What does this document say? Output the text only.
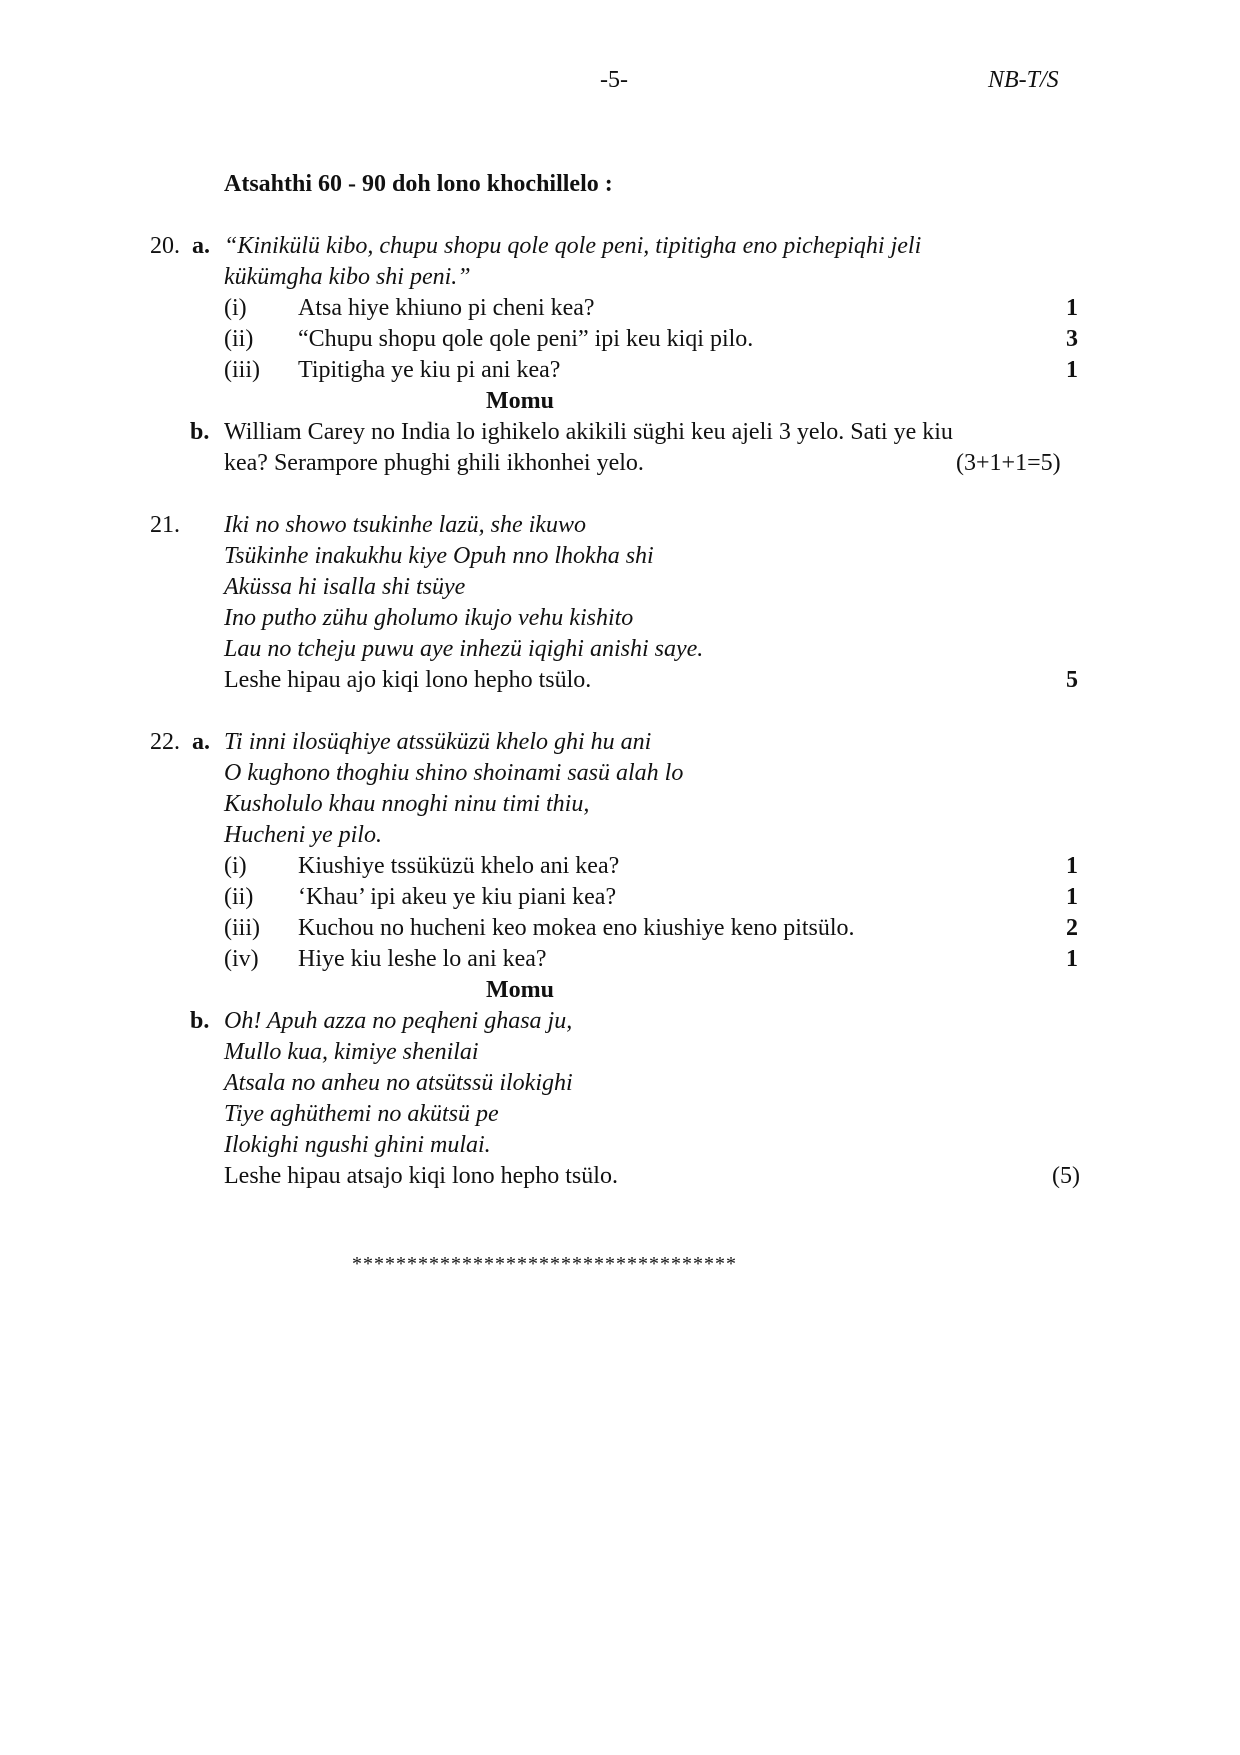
-5-	NB-T/S
Atsahthi 60 - 90 doh lono khochillelo :
20. a. “Kinikülü kibo, chupu shopu qole qole peni, tipitigha eno pichepiqhi jeli
kükümgha kibo shi peni.”
(i) Atsa hiye khiuno pi cheni kea?	1
(ii) “Chupu shopu qole qole peni” ipi keu kiqi pilo.	3
(iii) Tipitigha ye kiu pi ani kea?	1
Momu
b. William Carey no India lo ighikelo akikili süghi keu ajeli 3 yelo. Sati ye kiu
kea? Serampore phughi ghili ikhonhei yelo.	(3+1+1=5)
21. Iki no showo tsukinhe lazü, she ikuwo
Tsükinhe inakukhu kiye Opuh nno lhokha shi
Aküssa hi isalla shi tsüye
Ino putho zühu gholumo ikujo vehu kishito
Lau no tcheju puwu aye inhezü iqighi anishi saye.
Leshe hipau ajo kiqi lono hepho tsülo.	5
22. a. Ti inni ilosüqhiye atssüküzü khelo ghi hu ani
O kughono thoghiu shino shoinami sasü alah lo
Kusholulo khau nnoghi ninu timi thiu,
Hucheni ye pilo.
(i) Kiushiye tssüküzü khelo ani kea?	1
(ii) ‘Khau’ ipi akeu ye kiu piani kea?	1
(iii) Kuchou no hucheni keo mokea eno kiushiye keno pitsülo.	2
(iv) Hiye kiu leshe lo ani kea?	1
Momu
b. Oh! Apuh azza no peqheni ghasa ju,
Mullo kua, kimiye shenilai
Atsala no anheu no atsütssü ilokighi
Tiye aghüthemi no akütsü pe
Ilokighi ngushi ghini mulai.
Leshe hipau atsajo kiqi lono hepho tsülo.	(5)
***********************************
